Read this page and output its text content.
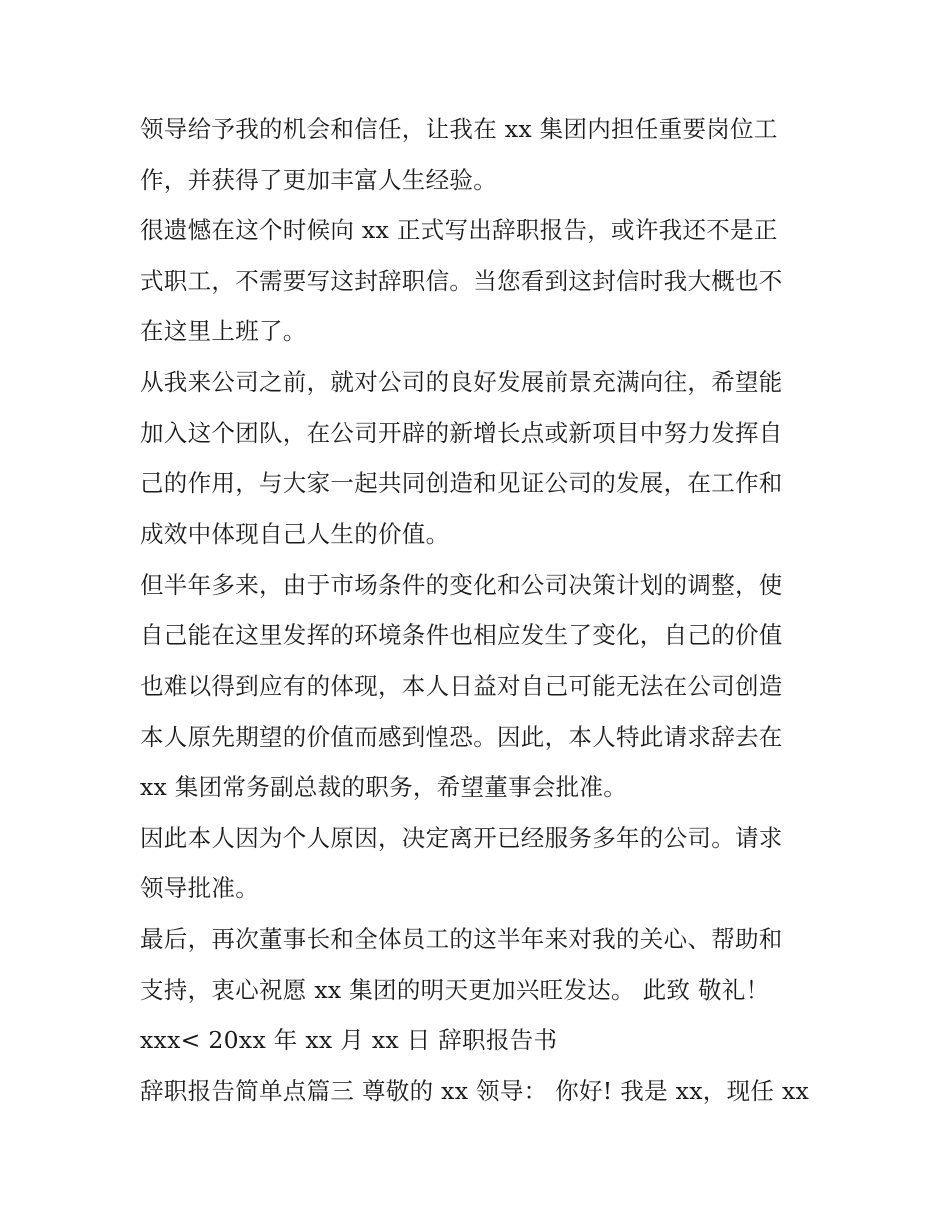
领导给予我的机会和信任，让我在 xx 集团内担任重要岗位工
作，并获得了更加丰富人生经验。
很遗憾在这个时候向 xx 正式写出辞职报告，或许我还不是正
式职工，不需要写这封辞职信。当您看到这封信时我大概也不
在这里上班了。
从我来公司之前，就对公司的良好发展前景充满向往，希望能
加入这个团队，在公司开辟的新增长点或新项目中努力发挥自
己的作用，与大家一起共同创造和见证公司的发展，在工作和
成效中体现自己人生的价值。
但半年多来，由于市场条件的变化和公司决策计划的调整，使
自己能在这里发挥的环境条件也相应发生了变化，自己的价值
也难以得到应有的体现，本人日益对自己可能无法在公司创造
本人原先期望的价值而感到惶恐。因此，本人特此请求辞去在
xx 集团常务副总裁的职务，希望董事会批准。
因此本人因为个人原因，决定离开已经服务多年的公司。请求
领导批准。
最后，再次董事长和全体员工的这半年来对我的关心、帮助和
支持，衷心祝愿 xx 集团的明天更加兴旺发达。 此致 敬礼！
xxx< 20xx 年 xx 月 xx 日 辞职报告书
辞职报告简单点篇三 尊敬的 xx 领导： 你好! 我是 xx，现任 xx
